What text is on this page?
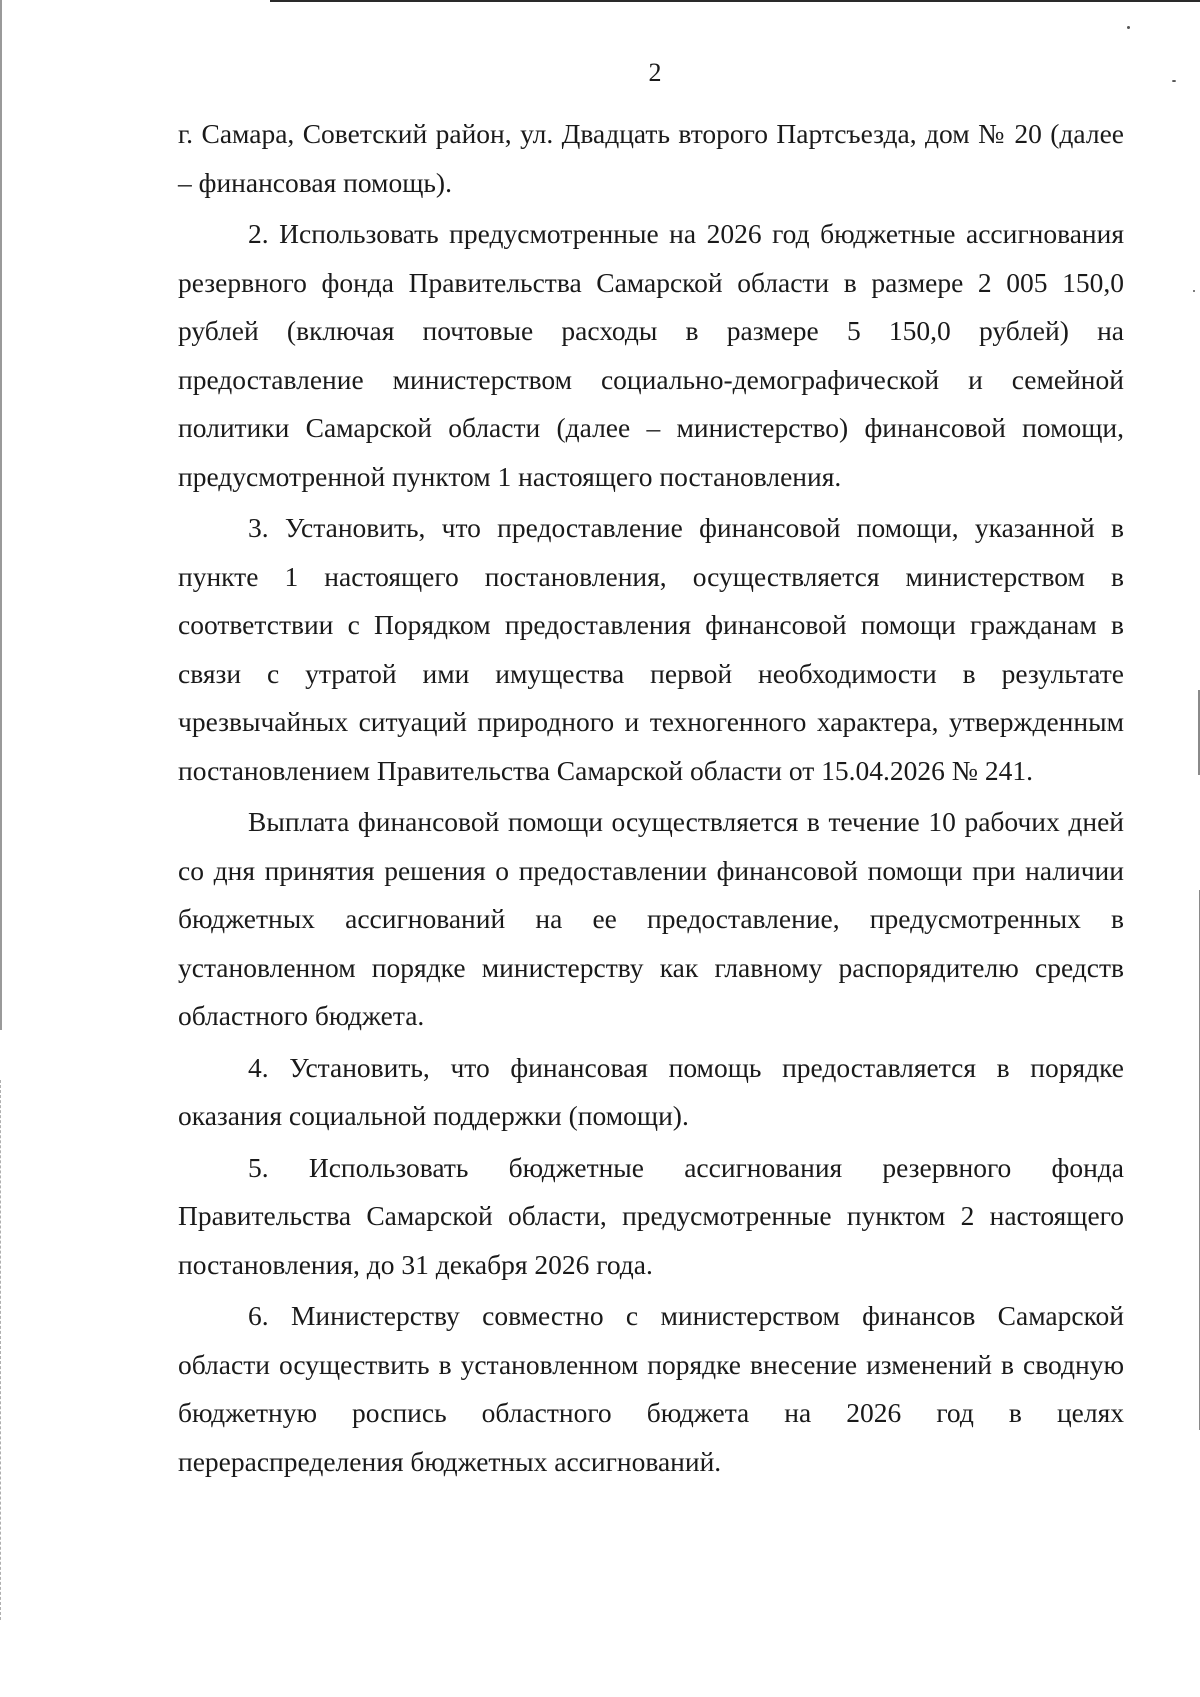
2

г. Самара, Советский район, ул. Двадцать второго Партсъезда, дом № 20 (далее – финансовая помощь).

2. Использовать предусмотренные на 2026 год бюджетные ассигнования резервного фонда Правительства Самарской области в размере 2 005 150,0 рублей (включая почтовые расходы в размере 5 150,0 рублей) на предоставление министерством социально-демографической и семейной политики Самарской области (далее – министерство) финансовой помощи, предусмотренной пунктом 1 настоящего постановления.

3. Установить, что предоставление финансовой помощи, указанной в пункте 1 настоящего постановления, осуществляется министерством в соответствии с Порядком предоставления финансовой помощи гражданам в связи с утратой ими имущества первой необходимости в результате чрезвычайных ситуаций природного и техногенного характера, утвержденным постановлением Правительства Самарской области от 15.04.2026 № 241.

Выплата финансовой помощи осуществляется в течение 10 рабочих дней со дня принятия решения о предоставлении финансовой помощи при наличии бюджетных ассигнований на ее предоставление, предусмотренных в установленном порядке министерству как главному распорядителю средств областного бюджета.

4. Установить, что финансовая помощь предоставляется в порядке оказания социальной поддержки (помощи).

5. Использовать бюджетные ассигнования резервного фонда Правительства Самарской области, предусмотренные пунктом 2 настоящего постановления, до 31 декабря 2026 года.

6. Министерству совместно с министерством финансов Самарской области осуществить в установленном порядке внесение изменений в сводную бюджетную роспись областного бюджета на 2026 год в целях перераспределения бюджетных ассигнований.
